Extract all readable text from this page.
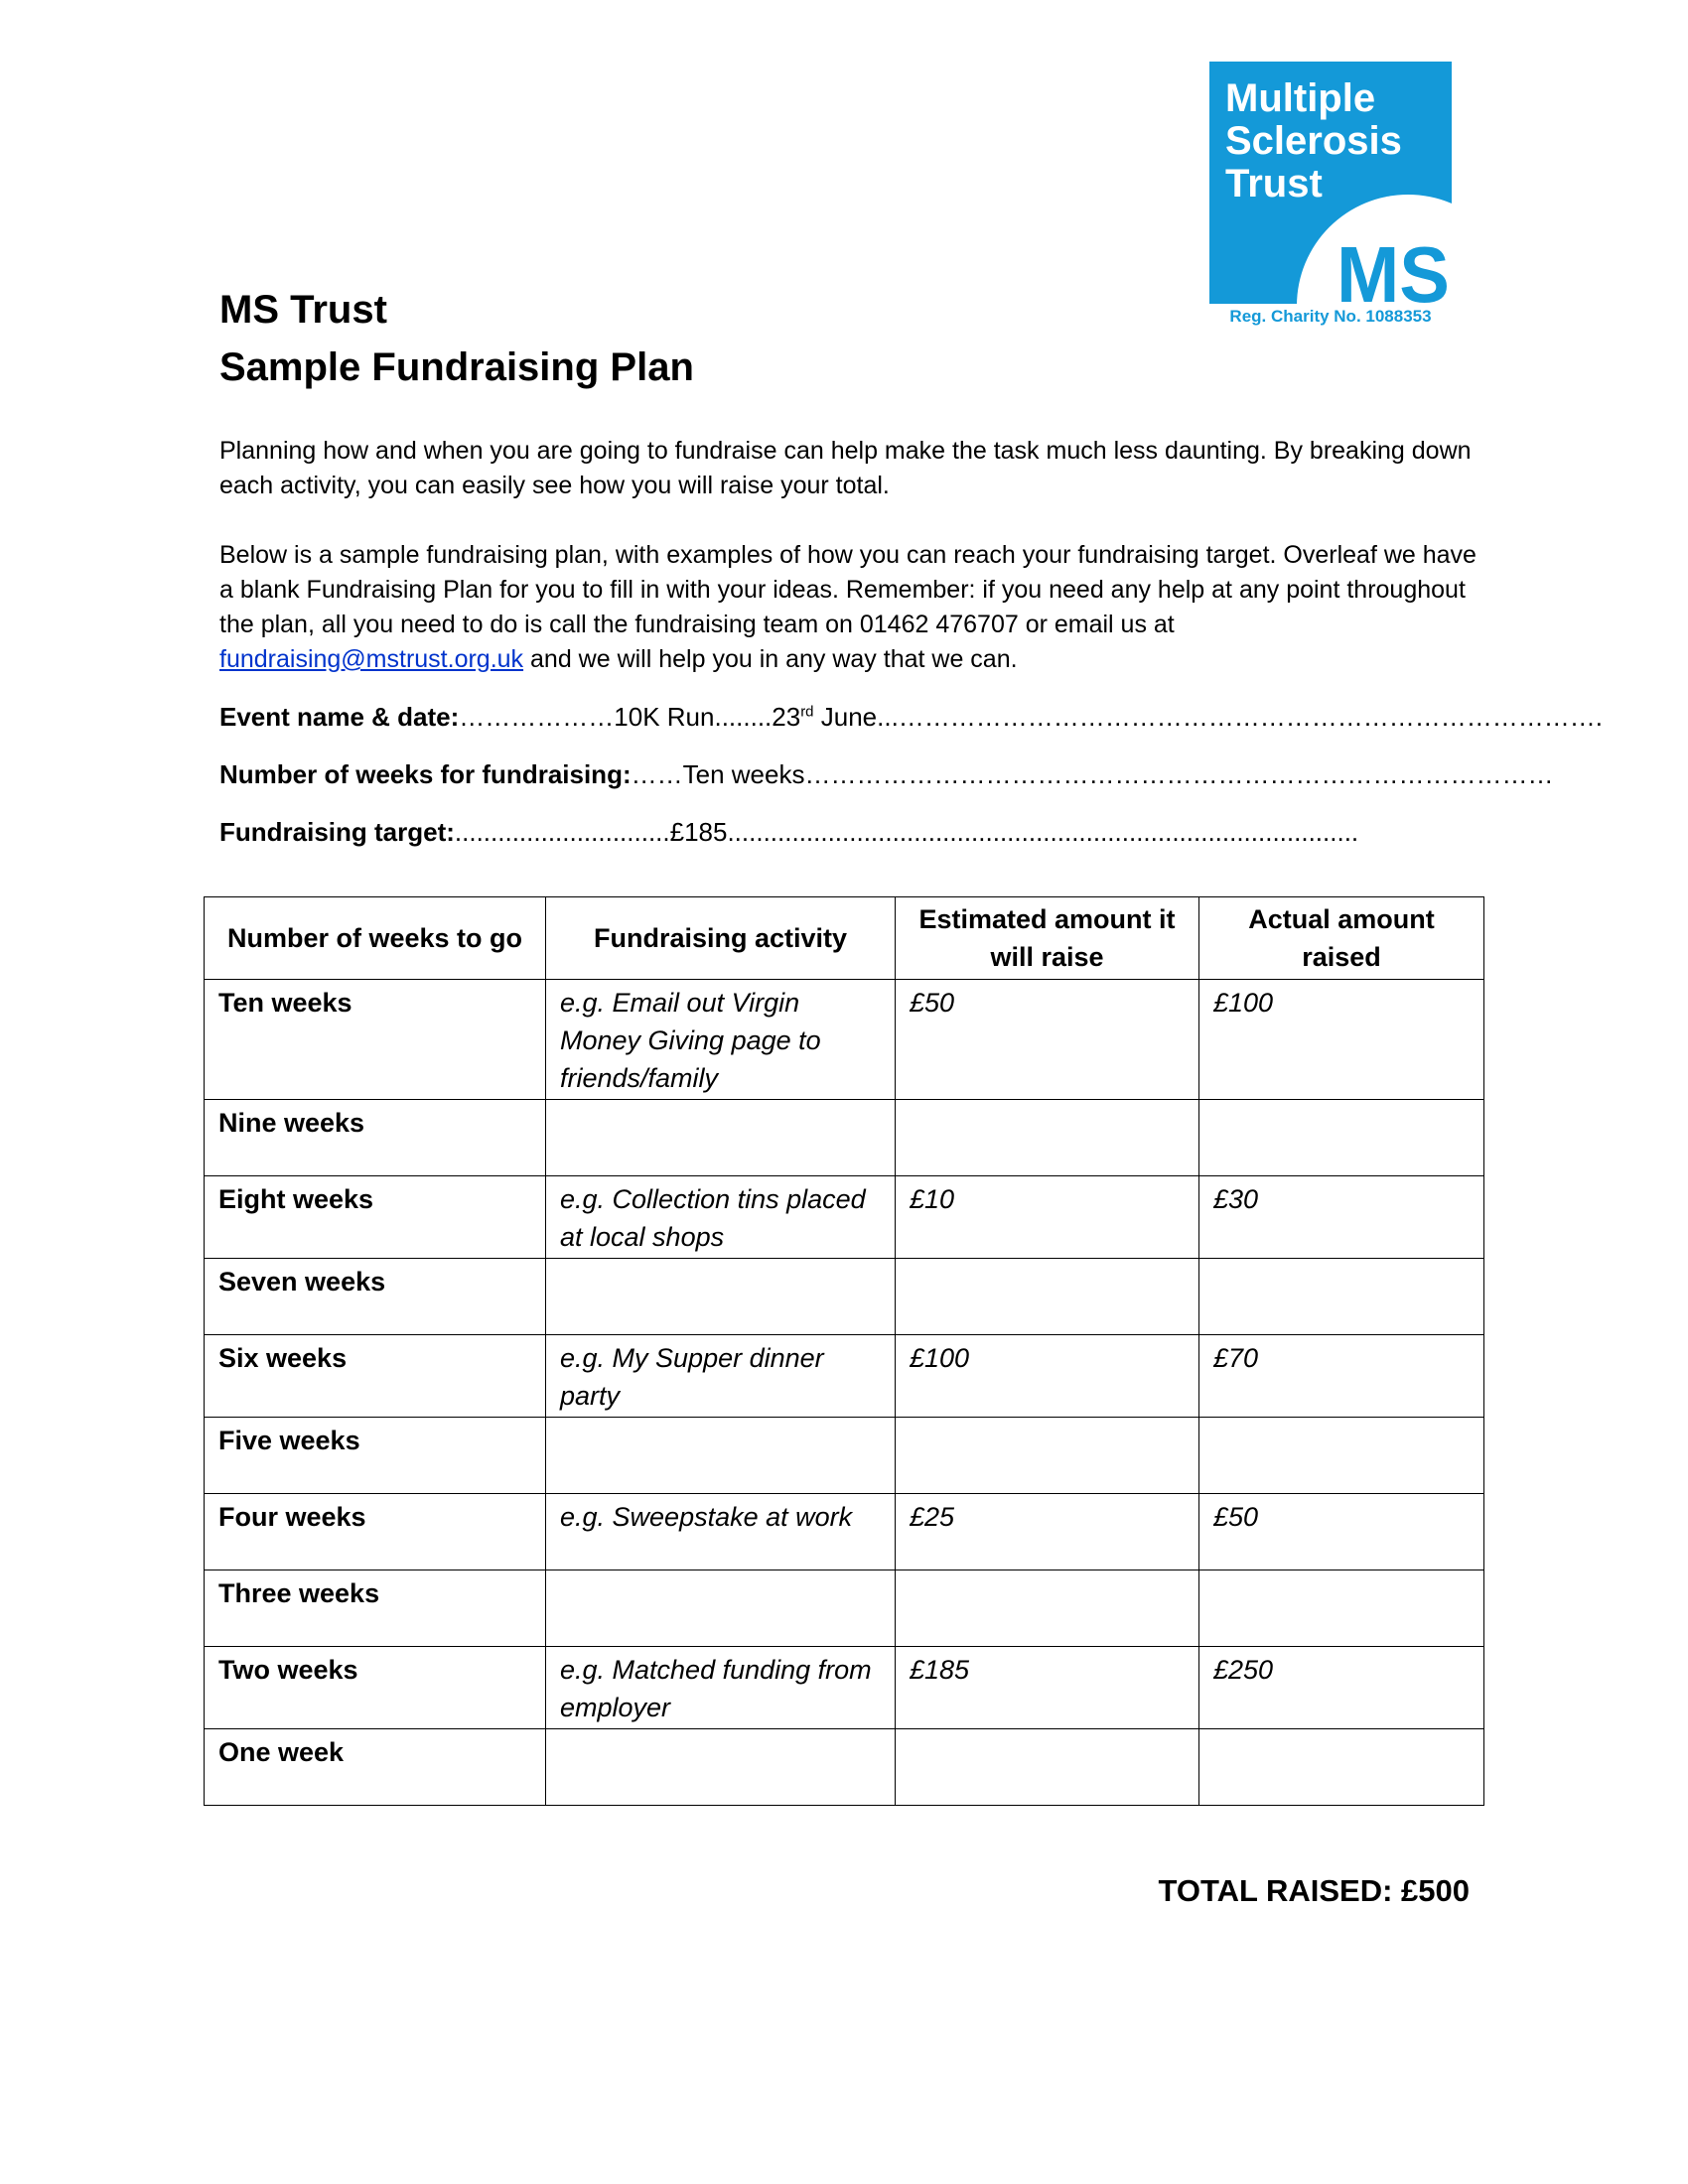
Multiple
Sclerosis
Trust
MS
Reg. Charity No. 1088353
MS Trust
Sample Fundraising Plan
Planning how and when you are going to fundraise can help make the task much less daunting. By breaking down each activity, you can easily see how you will raise your total.
Below is a sample fundraising plan, with examples of how you can reach your fundraising target. Overleaf we have a blank Fundraising Plan for you to fill in with your ideas. Remember: if you need any help at any point throughout the plan, all you need to do is call the fundraising team on 01462 476707 or email us at fundraising@mstrust.org.uk and we will help you in any way that we can.
Event name & date:………………10K Run........23rd June...……………………………………………………………………….
Number of weeks for fundraising:……Ten weeks……………………………………………………………………………
Fundraising target:..............................£185........................................................................................
Number of weeks to go	Fundraising activity	Estimated amount it will raise	Actual amount raised
Ten weeks	e.g. Email out Virgin Money Giving page to friends/family	£50	£100
Nine weeks			
Eight weeks	e.g. Collection tins placed at local shops	£10	£30
Seven weeks			
Six weeks	e.g. My Supper dinner party	£100	£70
Five weeks			
Four weeks	e.g. Sweepstake at work	£25	£50
Three weeks			
Two weeks	e.g. Matched funding from employer	£185	£250
One week			
TOTAL RAISED: £500
